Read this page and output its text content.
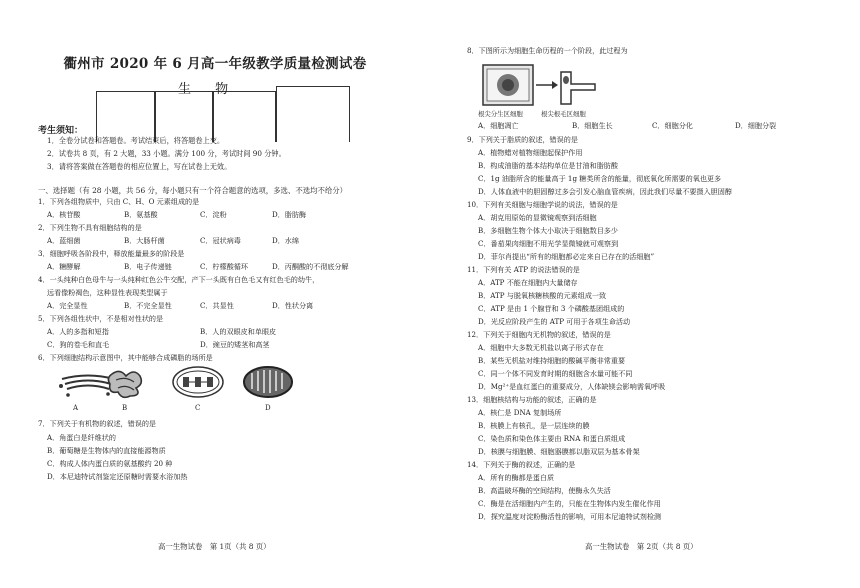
衢州市 2020 年 6 月高一年级教学质量检测试卷
生 物
考生须知：
1．全卷分试卷和答题卷。考试结束后，将答题卷上交。
2．试卷共 8 页，有 2 大题，33 小题。满分 100 分，考试时间 90 分钟。
3．请将答案做在答题卷的相应位置上，写在试卷上无效。
一、选择题（有 28 小题，共 56 分，每小题只有一个符合题意的选项，多选、不选均不给分）
1．下列各组物质中，只由 C、H、O 元素组成的是
A．核苷酸	B．氨基酸	C．淀粉	D．脂肪酶
2．下列生物不具有细胞结构的是
A．蓝细菌	B．大肠杆菌	C．冠状病毒	D．水绵
3．细胞呼吸各阶段中，释放能量最多的阶段是
A．糖酵解	B．电子传递链	C．柠檬酸循环	D．丙酮酸的不彻底分解
4．一头纯种白色母牛与一头纯种红色公牛交配，产下一头既有白色毛又有红色毛的幼牛，
远看像粉褐色，这种显性表现类型属于
A．完全显性	B．不完全显性	C．共显性	D．性状分离
5．下列各组性状中，不是相对性状的是
A．人的多指和短指	B．人的双眼皮和单眼皮
C．狗的卷毛和直毛	D．豌豆的矮茎和高茎
6．下列细胞结构示意图中，其中能够合成磷脂的场所是
A	B	C	D
7．下列关于有机物的叙述，错误的是
A．角蛋白是纤维状的
B．葡萄糖是生物体内的直接能源物质
C．构成人体内蛋白质的氨基酸约 20 种
D．本尼迪特试剂鉴定还原糖时需要水浴加热
高一生物试卷　第 1页（共 8 页）
8．下图所示为细胞生命历程的一个阶段，此过程为
根尖分生区细胞	根尖根毛区细胞
A．细胞凋亡	B．细胞生长	C．细胞分化	D．细胞分裂
9．下列关于脂质的叙述，错误的是
A．植物蜡对植物细胞起保护作用
B．构成油脂的基本结构单位是甘油和脂肪酸
C．1g 油脂所含的能量高于 1g 糖类所含的能量，彻底氧化所需要的氧也更多
D．人体血液中的胆固醇过多会引发心脑血管疾病，因此我们尽量不要摄入胆固醇
10．下列有关细胞与细胞学说的说法，错误的是
A．胡克用原始的显微镜观察到活细胞
B．多细胞生物个体大小取决于细胞数目多少
C．番茄果肉细胞不用光学显微镜就可观察到
D．菲尔肖提出“所有的细胞都必定来自已存在的活细胞”
11．下列有关 ATP 的说法错误的是
A．ATP 不能在细胞内大量储存
B．ATP 与脱氧核糖核酸的元素组成一致
C．ATP 是由 1 个腺苷和 3 个磷酸基团组成的
D．光反应阶段产生的 ATP 可用于各项生命活动
12．下列关于细胞内无机物的叙述，错误的是
A．细胞中大多数无机盐以离子形式存在
B．某些无机盐对维持细胞的酸碱平衡非常重要
C．同一个体不同发育时期的细胞含水量可能不同
D．Mg²⁺是血红蛋白的重要成分，人体缺镁会影响需氧呼吸
13．细胞核结构与功能的叙述，正确的是
A．核仁是 DNA 复制场所
B．核膜上有核孔，是一层连续的膜
C．染色质和染色体主要由 RNA 和蛋白质组成
D．核膜与细胞膜、细胞器膜都以脂双层为基本骨架
14．下列关于酶的叙述，正确的是
A．所有的酶都是蛋白质
B．高温破坏酶的空间结构，使酶永久失活
C．酶是在活细胞内产生的，只能在生物体内发生催化作用
D．探究温度对淀粉酶活性的影响，可用本尼迪特试剂检测
高一生物试卷　第 2页（共 8 页）
